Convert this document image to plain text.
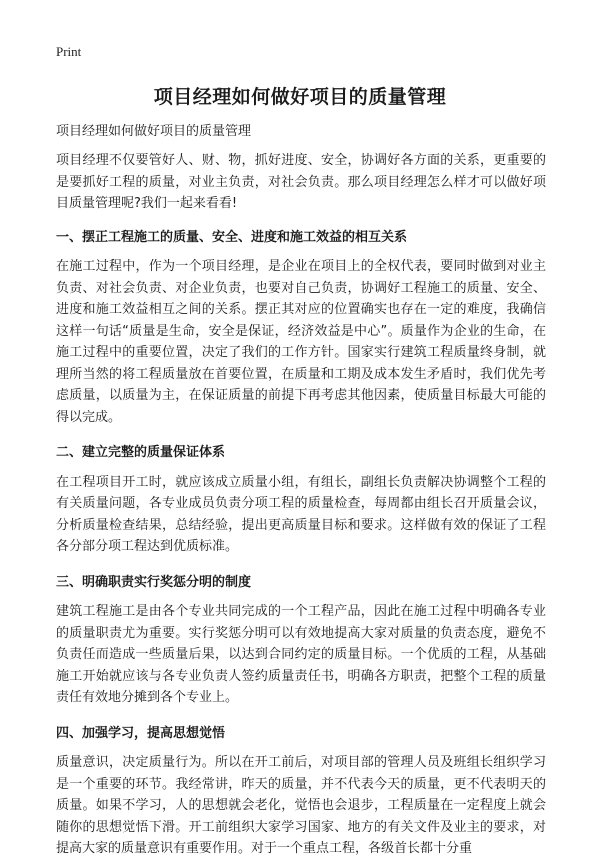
Print
项目经理如何做好项目的质量管理
项目经理如何做好项目的质量管理

项目经理不仅要管好人、财、物，抓好进度、安全，协调好各方面的关系，更重要的是要抓好工程的质量，对业主负责，对社会负责。那么项目经理怎么样才可以做好项目质量管理呢?我们一起来看看!

一、摆正工程施工的质量、安全、进度和施工效益的相互关系

在施工过程中，作为一个项目经理，是企业在项目上的全权代表，要同时做到对业主负责、对社会负责、对企业负责，也要对自己负责，协调好工程施工的质量、安全、进度和施工效益相互之间的关系。摆正其对应的位置确实也存在一定的难度，我确信这样一句话“质量是生命，安全是保证，经济效益是中心”。质量作为企业的生命，在施工过程中的重要位置，决定了我们的工作方针。国家实行建筑工程质量终身制，就理所当然的将工程质量放在首要位置，在质量和工期及成本发生矛盾时，我们优先考虑质量，以质量为主，在保证质量的前提下再考虑其他因素，使质量目标最大可能的得以完成。

二、建立完整的质量保证体系

在工程项目开工时，就应该成立质量小组，有组长，副组长负责解决协调整个工程的有关质量问题，各专业成员负责分项工程的质量检查，每周都由组长召开质量会议，分析质量检查结果，总结经验，提出更高质量目标和要求。这样做有效的保证了工程各分部分项工程达到优质标准。

三、明确职责实行奖惩分明的制度

建筑工程施工是由各个专业共同完成的一个工程产品，因此在施工过程中明确各专业的质量职责尤为重要。实行奖惩分明可以有效地提高大家对质量的负责态度，避免不负责任而造成一些质量后果，以达到合同约定的质量目标。一个优质的工程，从基础施工开始就应该与各专业负责人签约质量责任书，明确各方职责，把整个工程的质量责任有效地分摊到各个专业上。

四、加强学习，提高思想觉悟

质量意识，决定质量行为。所以在开工前后，对项目部的管理人员及班组长组织学习是一个重要的环节。我经常讲，昨天的质量，并不代表今天的质量，更不代表明天的质量。如果不学习，人的思想就会老化，觉悟也会退步，工程质量在一定程度上就会随你的思想觉悟下滑。开工前组织大家学习国家、地方的有关文件及业主的要求，对提高大家的质量意识有重要作用。对于一个重点工程，各级首长都十分重
